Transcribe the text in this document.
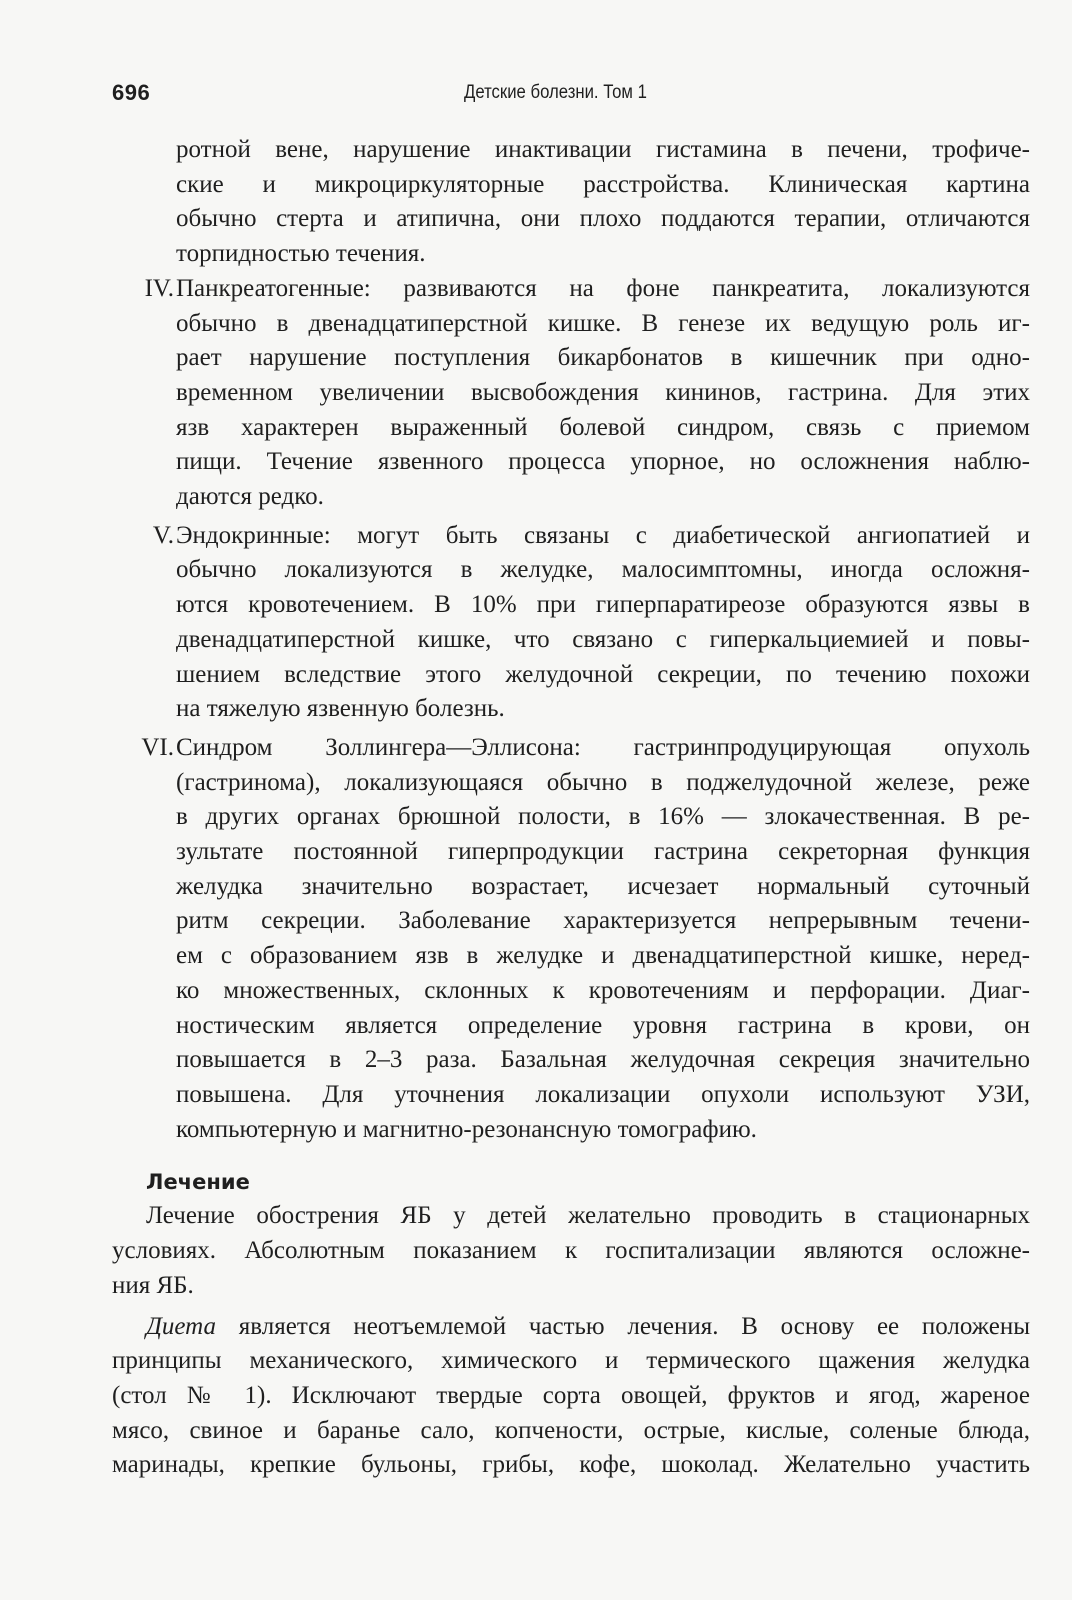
696	Детские болезни. Том 1
ротной вене, нарушение инактивации гистамина в печени, трофиче-
ские и микроциркуляторные расстройства. Клиническая картина
обычно стерта и атипична, они плохо поддаются терапии, отличаются
торпидностью течения.
IV. Панкреатогенные: развиваются на фоне панкреатита, локализуются
обычно в двенадцатиперстной кишке. В генезе их ведущую роль иг-
рает нарушение поступления бикарбонатов в кишечник при одно-
временном увеличении высвобождения кининов, гастрина. Для этих
язв характерен выраженный болевой синдром, связь с приемом
пищи. Течение язвенного процесса упорное, но осложнения наблю-
даются редко.
V. Эндокринные: могут быть связаны с диабетической ангиопатией и
обычно локализуются в желудке, малосимптомны, иногда осложня-
ются кровотечением. В 10% при гиперпаратиреозе образуются язвы в
двенадцатиперстной кишке, что связано с гиперкальциемией и повы-
шением вследствие этого желудочной секреции, по течению похожи
на тяжелую язвенную болезнь.
VI. Синдром Золлингера—Эллисона: гастринпродуцирующая опухоль
(гастринома), локализующаяся обычно в поджелудочной железе, реже
в других органах брюшной полости, в 16% — злокачественная. В ре-
зультате постоянной гиперпродукции гастрина секреторная функция
желудка значительно возрастает, исчезает нормальный суточный
ритм секреции. Заболевание характеризуется непрерывным течени-
ем с образованием язв в желудке и двенадцатиперстной кишке, неред-
ко множественных, склонных к кровотечениям и перфорации. Диаг-
ностическим является определение уровня гастрина в крови, он
повышается в 2–3 раза. Базальная желудочная секреция значительно
повышена. Для уточнения локализации опухоли используют УЗИ,
компьютерную и магнитно-резонансную томографию.
Лечение
Лечение обострения ЯБ у детей желательно проводить в стационарных
условиях. Абсолютным показанием к госпитализации являются осложне-
ния ЯБ.
Диета является неотъемлемой частью лечения. В основу ее положены
принципы механического, химического и термического щажения желудка
(стол № 1). Исключают твердые сорта овощей, фруктов и ягод, жареное
мясо, свиное и баранье сало, копчености, острые, кислые, соленые блюда,
маринады, крепкие бульоны, грибы, кофе, шоколад. Желательно участить
